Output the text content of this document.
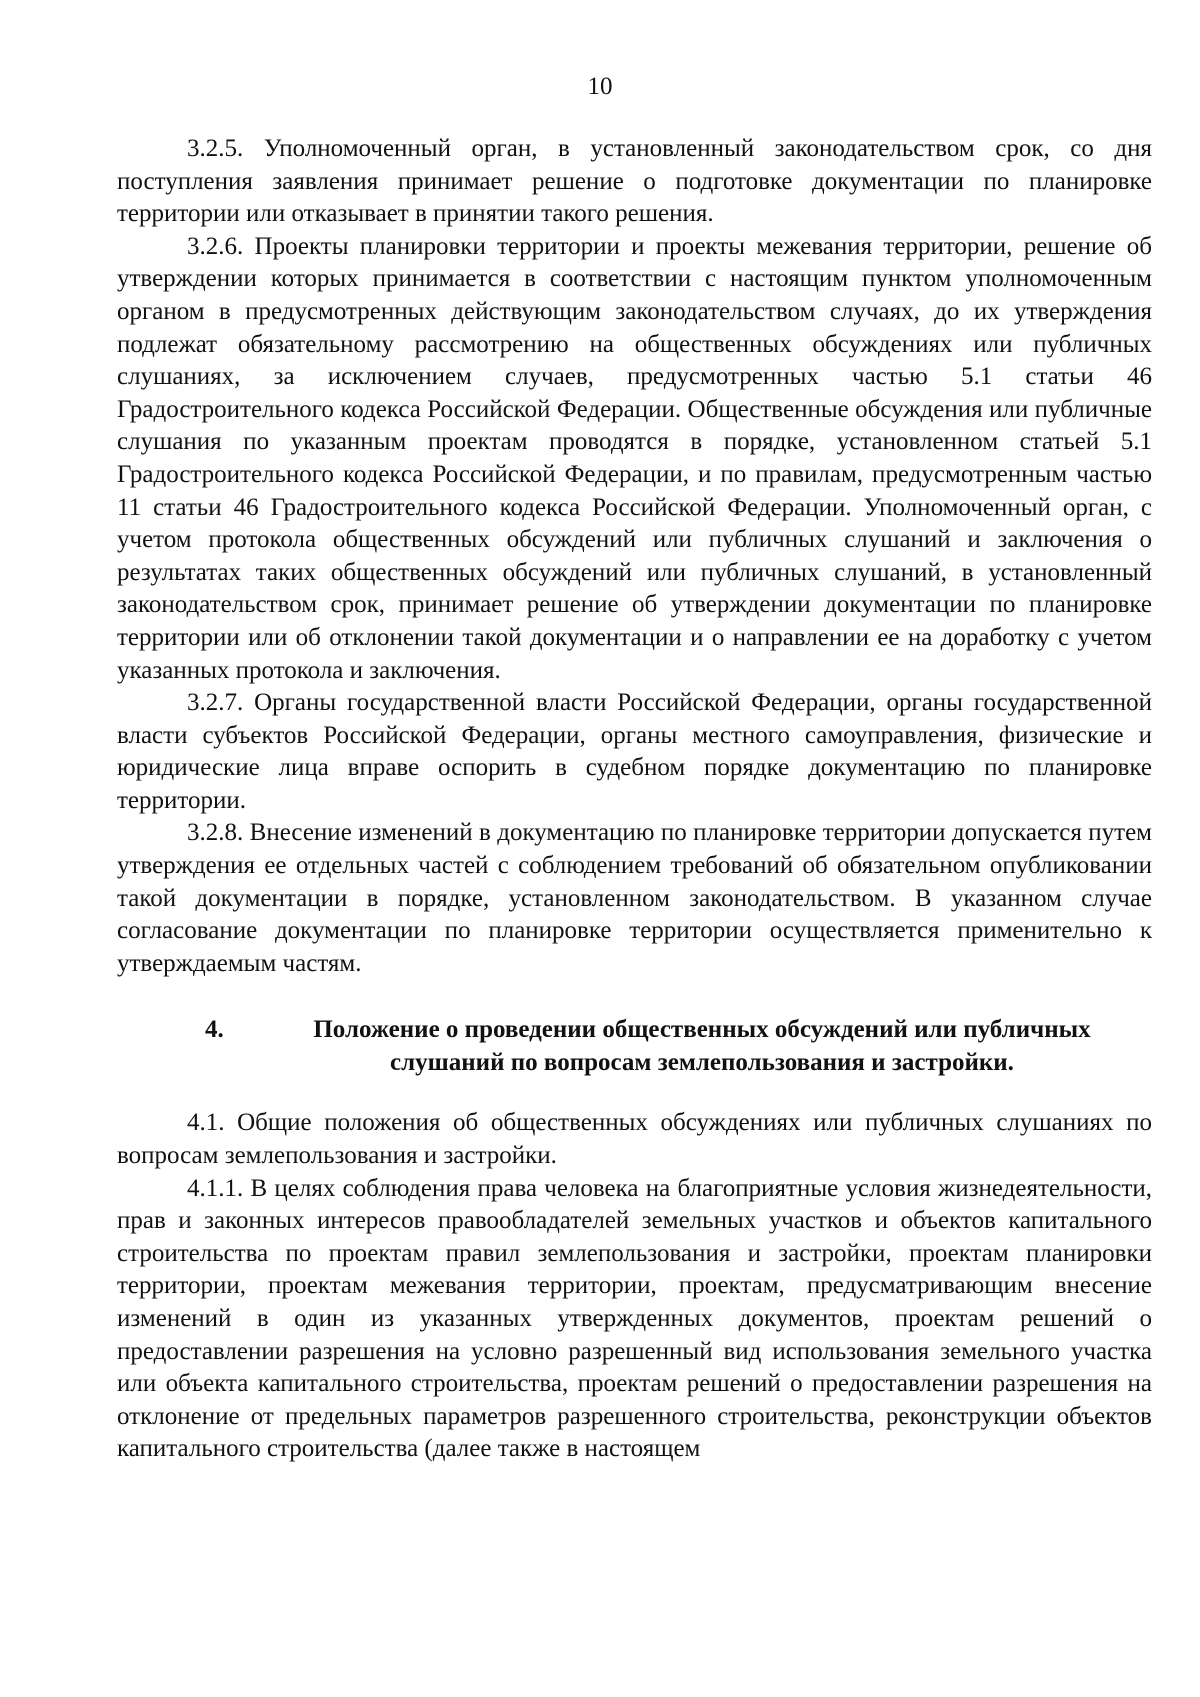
10

3.2.5. Уполномоченный орган, в установленный законодательством срок, со дня поступления заявления принимает решение о подготовке документации по планировке территории или отказывает в принятии такого решения.

3.2.6. Проекты планировки территории и проекты межевания территории, решение об утверждении которых принимается в соответствии с настоящим пунктом уполномоченным органом в предусмотренных действующим законодательством случаях, до их утверждения подлежат обязательному рассмотрению на общественных обсуждениях или публичных слушаниях, за исключением случаев, предусмотренных частью 5.1 статьи 46 Градостроительного кодекса Российской Федерации. Общественные обсуждения или публичные слушания по указанным проектам проводятся в порядке, установленном статьей 5.1 Градостроительного кодекса Российской Федерации, и по правилам, предусмотренным частью 11 статьи 46 Градостроительного кодекса Российской Федерации. Уполномоченный орган, с учетом протокола общественных обсуждений или публичных слушаний и заключения о результатах таких общественных обсуждений или публичных слушаний, в установленный законодательством срок, принимает решение об утверждении документации по планировке территории или об отклонении такой документации и о направлении ее на доработку с учетом указанных протокола и заключения.

3.2.7. Органы государственной власти Российской Федерации, органы государственной власти субъектов Российской Федерации, органы местного самоуправления, физические и юридические лица вправе оспорить в судебном порядке документацию по планировке территории.

3.2.8. Внесение изменений в документацию по планировке территории допускается путем утверждения ее отдельных частей с соблюдением требований об обязательном опубликовании такой документации в порядке, установленном законодательством. В указанном случае согласование документации по планировке территории осуществляется применительно к утверждаемым частям.

4.	Положение о проведении общественных обсуждений или публичных слушаний по вопросам землепользования и застройки.

4.1. Общие положения об общественных обсуждениях или публичных слушаниях по вопросам землепользования и застройки.

4.1.1. В целях соблюдения права человека на благоприятные условия жизнедеятельности, прав и законных интересов правообладателей земельных участков и объектов капитального строительства по проектам правил землепользования и застройки, проектам планировки территории, проектам межевания территории, проектам, предусматривающим внесение изменений в один из указанных утвержденных документов, проектам решений о предоставлении разрешения на условно разрешенный вид использования земельного участка или объекта капитального строительства, проектам решений о предоставлении разрешения на отклонение от предельных параметров разрешенного строительства, реконструкции объектов капитального строительства (далее также в настоящем
